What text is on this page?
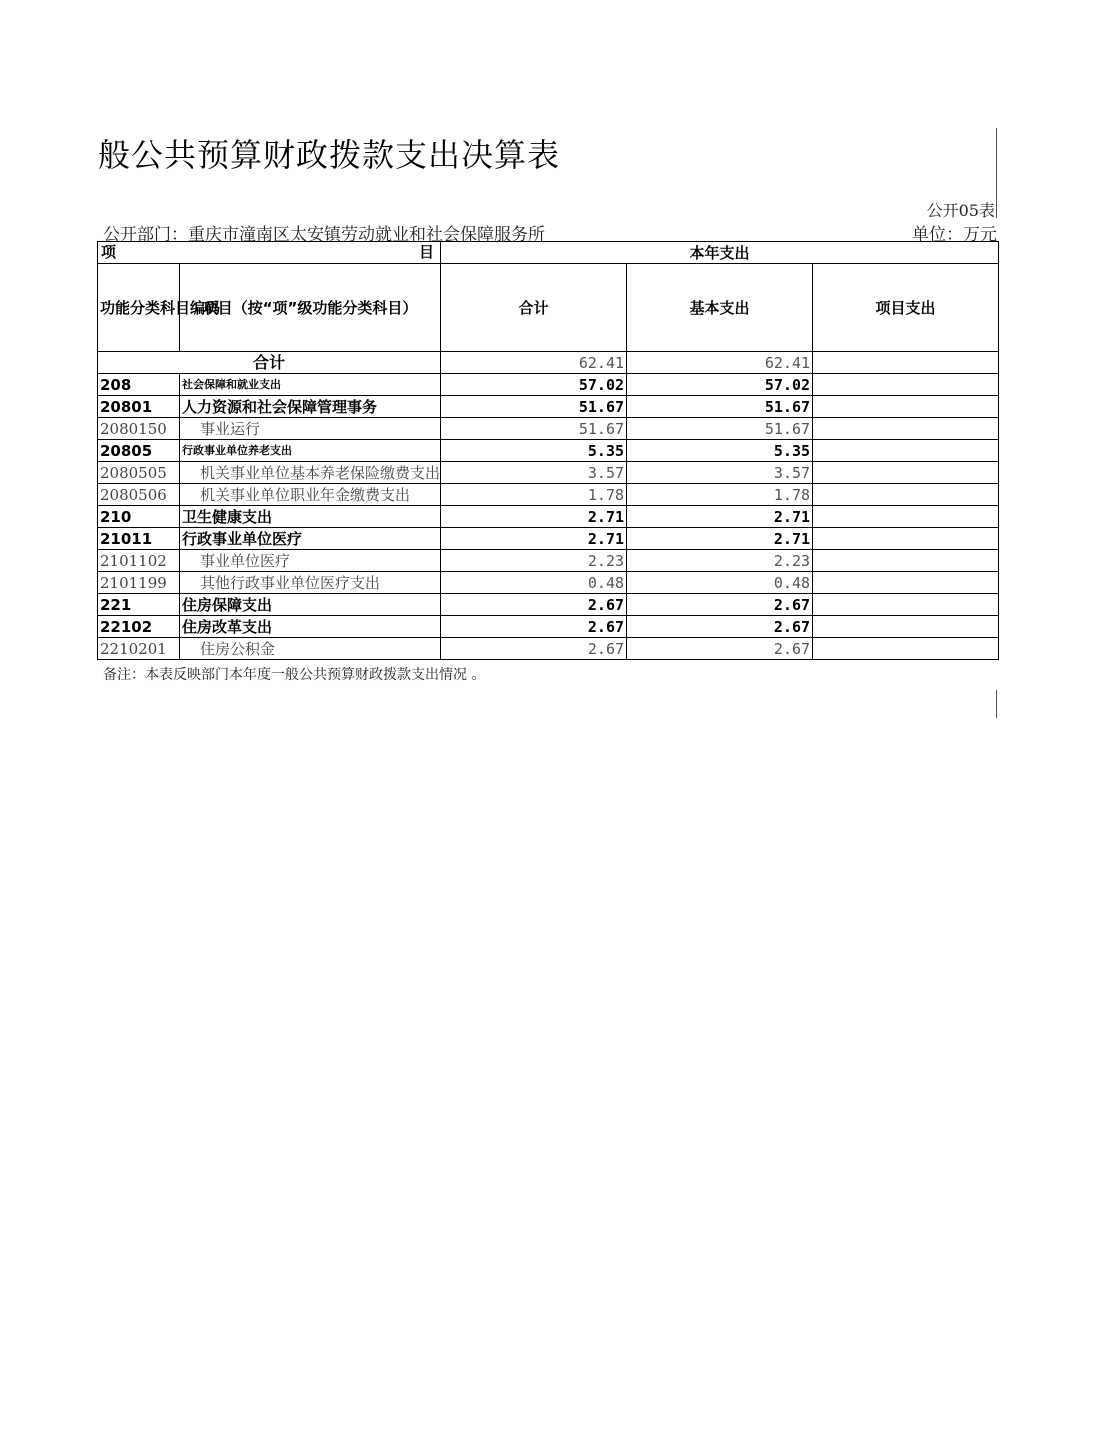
般公共预算财政拨款支出决算表
公开05表
公开部门：重庆市潼南区太安镇劳动就业和社会保障服务所	单位：万元
项 目		本年支出		
功能分类科目编码	项目（按“项”级功能分类科目）	合计	基本支出	项目支出
合计		62.41	62.41	
208	社会保障和就业支出	57.02	57.02	
20801	人力资源和社会保障管理事务	51.67	51.67	
2080150	事业运行	51.67	51.67	
20805	行政事业单位养老支出	5.35	5.35	
2080505	机关事业单位基本养老保险缴费支出	3.57	3.57	
2080506	机关事业单位职业年金缴费支出	1.78	1.78	
210	卫生健康支出	2.71	2.71	
21011	行政事业单位医疗	2.71	2.71	
2101102	事业单位医疗	2.23	2.23	
2101199	其他行政事业单位医疗支出	0.48	0.48	
221	住房保障支出	2.67	2.67	
22102	住房改革支出	2.67	2.67	
2210201	住房公积金	2.67	2.67	
备注：本表反映部门本年度一般公共预算财政拨款支出情况 。
